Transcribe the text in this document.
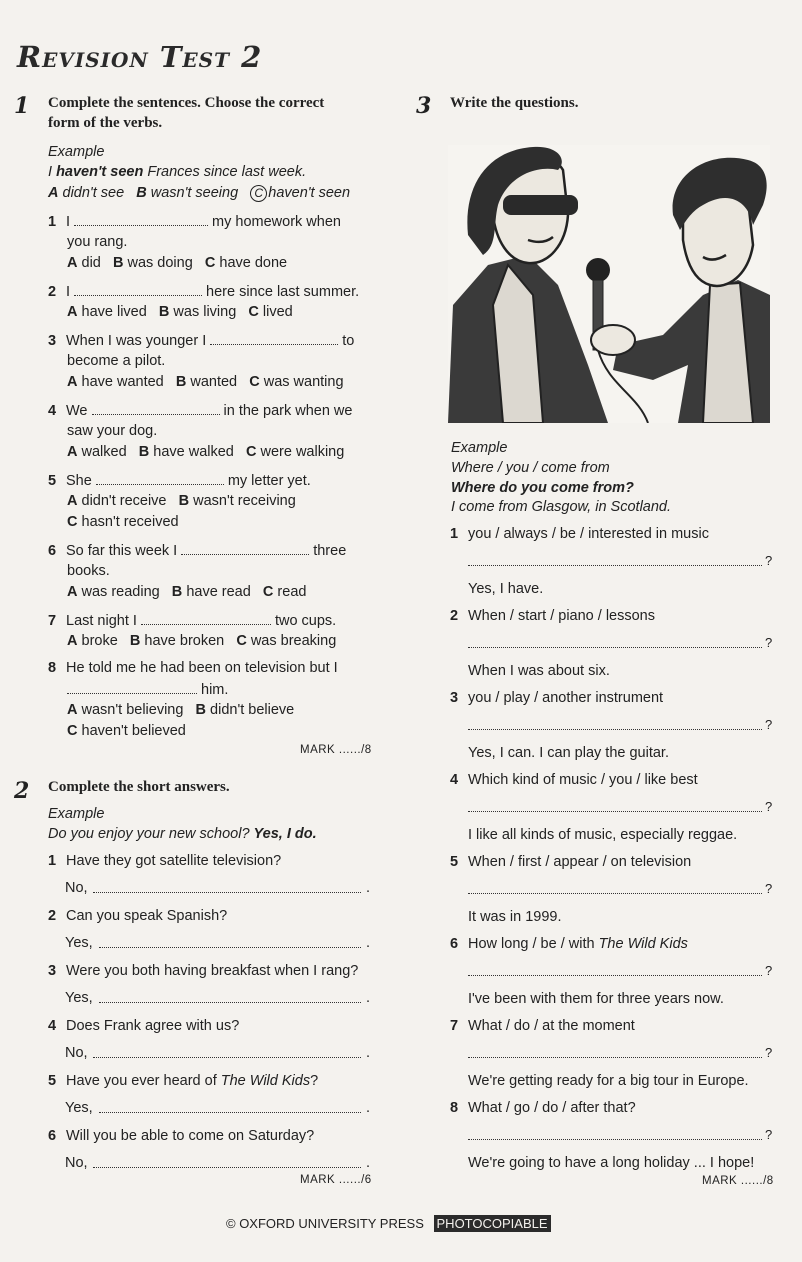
Revision Test 2
1 Complete the sentences. Choose the correct
form of the verbs.

Example
I haven't seen Frances since last week.
A didn't see B wasn't seeing C haven't seen
1 I	my homework when
you rang.
A did B was doing C have done
2 I	here since last summer.
A have lived B was living C lived
3 When I was younger I	to
become a pilot.
A have wanted B wanted C was wanting
4 We	in the park when we
saw your dog.
A walked B have walked C were walking
5 She	my letter yet.
A didn't receive B wasn't receiving
C hasn't received
6 So far this week I	three
books.
A was reading B have read C read
7 Last night I	two cups.
A broke B have broken C was breaking
8 He told me he had been on television but I
him.
A wasn't believing B didn't believe
C haven't believed
MARK ....../8
2 Complete the short answers.

Example
Do you enjoy your new school? Yes, I do.
1 Have they got satellite television?
No,	.
2 Can you speak Spanish?
Yes,	.
3 Were you both having breakfast when I rang?
Yes,	.
4 Does Frank agree with us?
No,	.
5 Have you ever heard of The Wild Kids?
Yes,	.
6 Will you be able to come on Saturday?
No,	.
MARK ....../6
3 Write the questions.

Example
Where / you / come from
Where do you come from?
I come from Glasgow, in Scotland.
1 you / always / be / interested in music
?
Yes, I have.
2 When / start / piano / lessons
?
When I was about six.
3 you / play / another instrument
?
Yes, I can. I can play the guitar.
4 Which kind of music / you / like best
?
I like all kinds of music, especially reggae.
5 When / first / appear / on television
?
It was in 1999.
6 How long / be / with The Wild Kids
?
I've been with them for three years now.
7 What / do / at the moment
?
We're getting ready for a big tour in Europe.
8 What / go / do / after that?
?
We're going to have a long holiday ... I hope!
MARK ....../8
© OXFORD UNIVERSITY PRESS PHOTOCOPIABLE
